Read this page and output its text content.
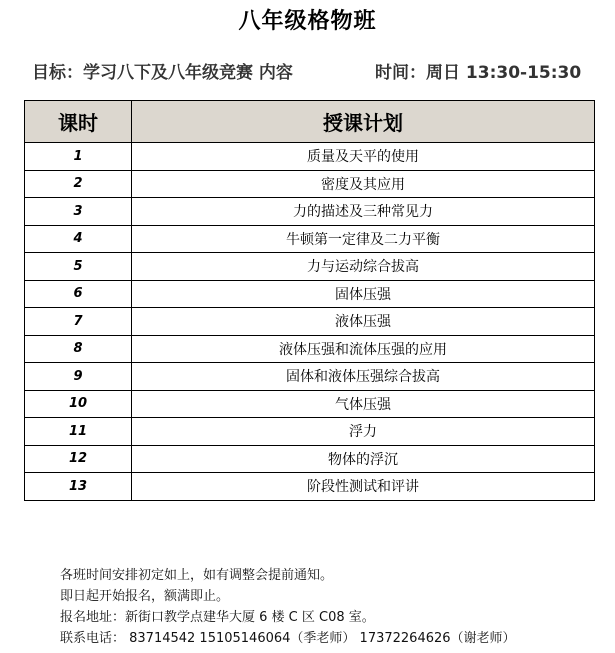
八年级格物班
目标：学习八下及八年级竞赛 内容	时间：周日 13:30-15:30
课时	授课计划
1	质量及天平的使用
2	密度及其应用
3	力的描述及三种常见力
4	牛顿第一定律及二力平衡
5	力与运动综合拔高
6	固体压强
7	液体压强
8	液体压强和流体压强的应用
9	固体和液体压强综合拔高
10	气体压强
11	浮力
12	物体的浮沉
13	阶段性测试和评讲
各班时间安排初定如上，如有调整会提前通知。
即日起开始报名，额满即止。
报名地址：新街口教学点建华大厦 6 楼 C 区 C08 室。
联系电话： 83714542 15105146064（季老师） 17372264626（谢老师）
